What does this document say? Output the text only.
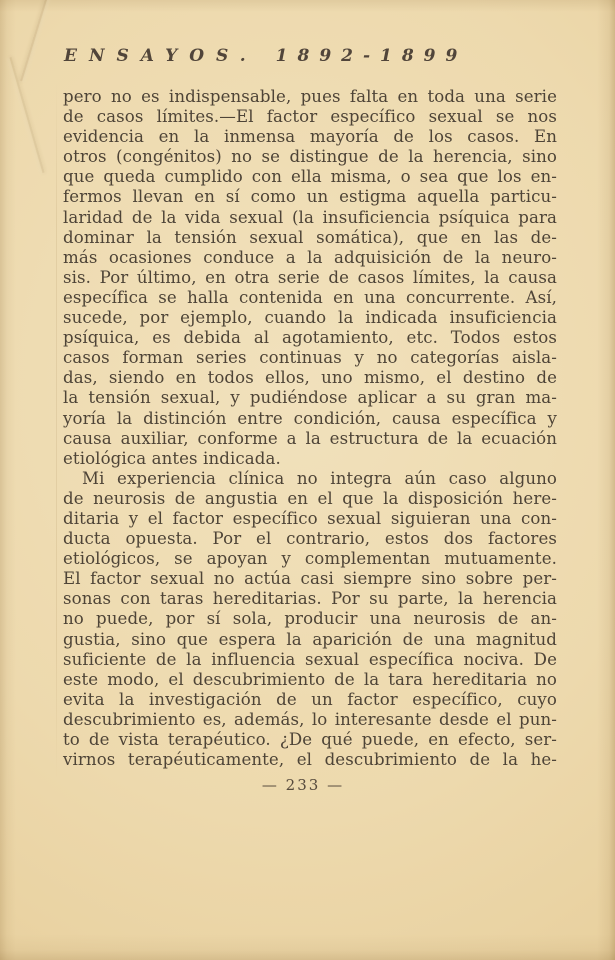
ENSAYOS. 1892-1899
pero no es indispensable, pues falta en toda una serie
de casos límites.—El factor específico sexual se nos
evidencia en la inmensa mayoría de los casos. En
otros (congénitos) no se distingue de la herencia, sino
que queda cumplido con ella misma, o sea que los en-
fermos llevan en sí como un estigma aquella particu-
laridad de la vida sexual (la insuficiencia psíquica para
dominar la tensión sexual somática), que en las de-
más ocasiones conduce a la adquisición de la neuro-
sis. Por último, en otra serie de casos límites, la causa
específica se halla contenida en una concurrente. Así,
sucede, por ejemplo, cuando la indicada insuficiencia
psíquica, es debida al agotamiento, etc. Todos estos
casos forman series continuas y no categorías aisla-
das, siendo en todos ellos, uno mismo, el destino de
la tensión sexual, y pudiéndose aplicar a su gran ma-
yoría la distinción entre condición, causa específica y
causa auxiliar, conforme a la estructura de la ecuación
etiológica antes indicada.
Mi experiencia clínica no integra aún caso alguno
de neurosis de angustia en el que la disposición here-
ditaria y el factor específico sexual siguieran una con-
ducta opuesta. Por el contrario, estos dos factores
etiológicos, se apoyan y complementan mutuamente.
El factor sexual no actúa casi siempre sino sobre per-
sonas con taras hereditarias. Por su parte, la herencia
no puede, por sí sola, producir una neurosis de an-
gustia, sino que espera la aparición de una magnitud
suficiente de la influencia sexual específica nociva. De
este modo, el descubrimiento de la tara hereditaria no
evita la investigación de un factor específico, cuyo
descubrimiento es, además, lo interesante desde el pun-
to de vista terapéutico. ¿De qué puede, en efecto, ser-
virnos terapéuticamente, el descubrimiento de la he-
— 233 —
